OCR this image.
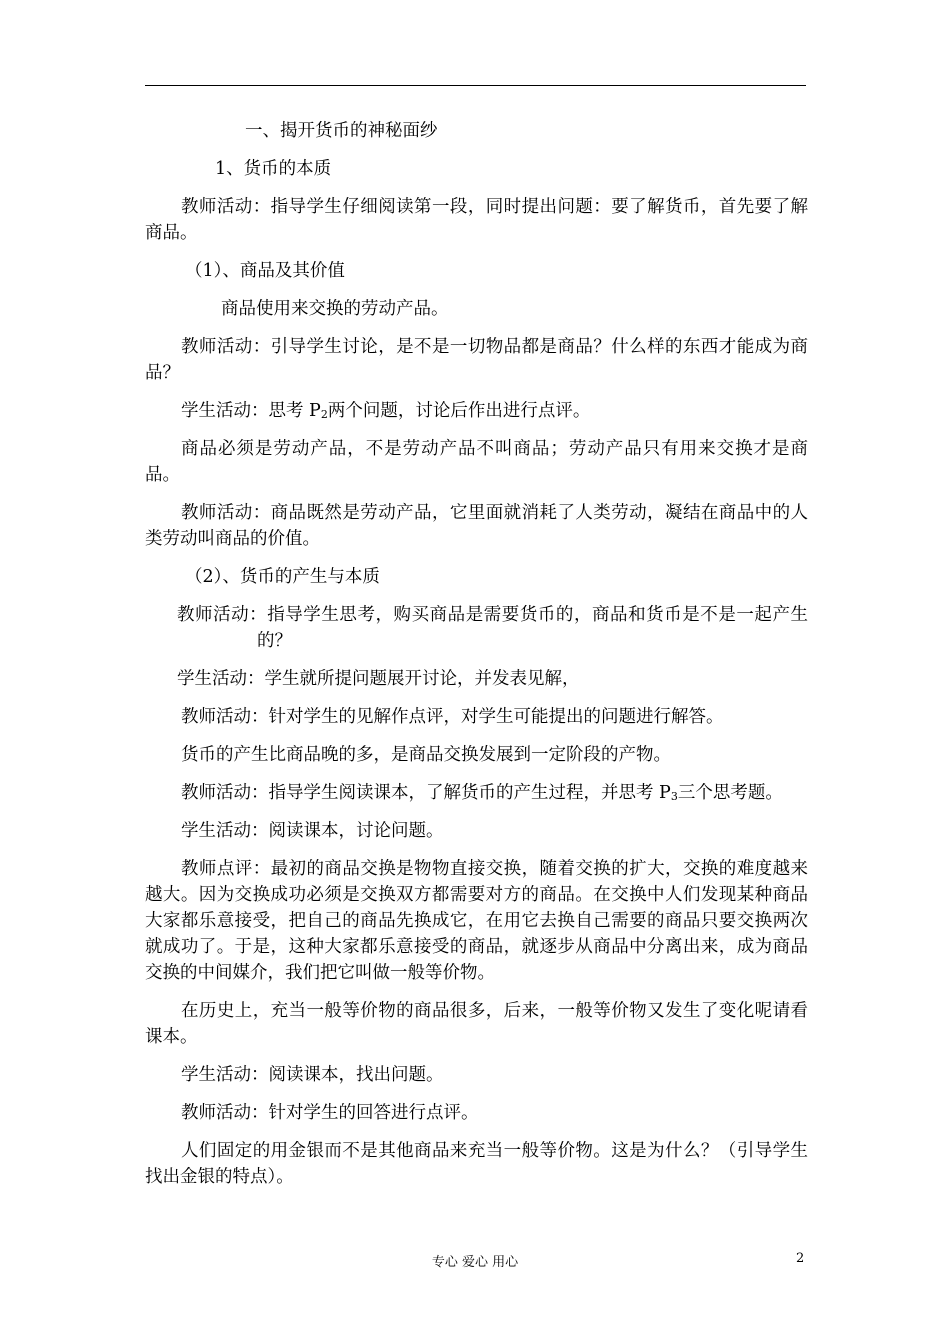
一、揭开货币的神秘面纱

1、货币的本质

教师活动：指导学生仔细阅读第一段，同时提出问题：要了解货币，首先要了解商品。

（1）、商品及其价值

商品使用来交换的劳动产品。

教师活动：引导学生讨论，是不是一切物品都是商品？什么样的东西才能成为商品？

学生活动：思考 $P_2$两个问题，讨论后作出进行点评。

商品必须是劳动产品，不是劳动产品不叫商品；劳动产品只有用来交换才是商品。

教师活动：商品既然是劳动产品，它里面就消耗了人类劳动，凝结在商品中的人类劳动叫商品的价值。

（2）、货币的产生与本质

教师活动：指导学生思考，购买商品是需要货币的，商品和货币是不是一起产生的？

学生活动：学生就所提问题展开讨论，并发表见解，

教师活动：针对学生的见解作点评，对学生可能提出的问题进行解答。

货币的产生比商品晚的多，是商品交换发展到一定阶段的产物。

教师活动：指导学生阅读课本，了解货币的产生过程，并思考 $P_3$三个思考题。

学生活动：阅读课本，讨论问题。

教师点评：最初的商品交换是物物直接交换，随着交换的扩大，交换的难度越来越大。因为交换成功必须是交换双方都需要对方的商品。在交换中人们发现某种商品大家都乐意接受，把自己的商品先换成它，在用它去换自己需要的商品只要交换两次就成功了。于是，这种大家都乐意接受的商品，就逐步从商品中分离出来，成为商品交换的中间媒介，我们把它叫做一般等价物。

在历史上，充当一般等价物的商品很多，后来，一般等价物又发生了变化呢请看课本。

学生活动：阅读课本，找出问题。

教师活动：针对学生的回答进行点评。

人们固定的用金银而不是其他商品来充当一般等价物。这是为什么？（引导学生找出金银的特点）。

专心 爱心 用心	2
